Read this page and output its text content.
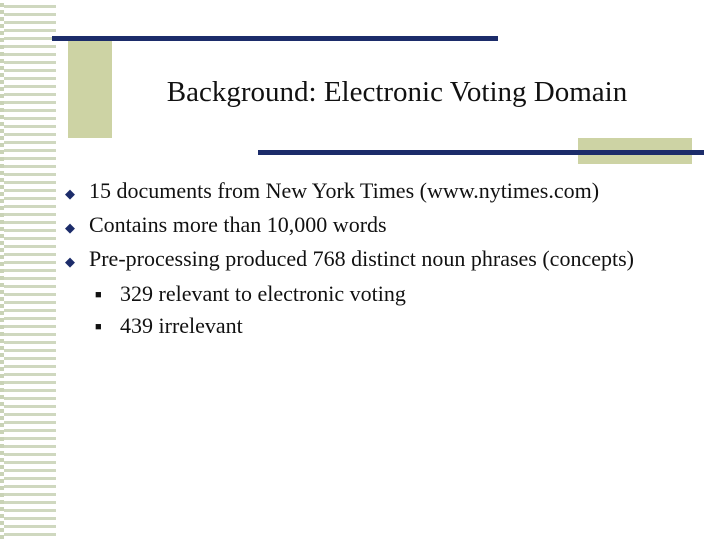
Background: Electronic Voting Domain
◆ 15 documents from New York Times (www.nytimes.com)
◆ Contains more than 10,000 words
◆ Pre-processing produced 768 distinct noun phrases (concepts)
■ 329 relevant to electronic voting
■ 439 irrelevant
